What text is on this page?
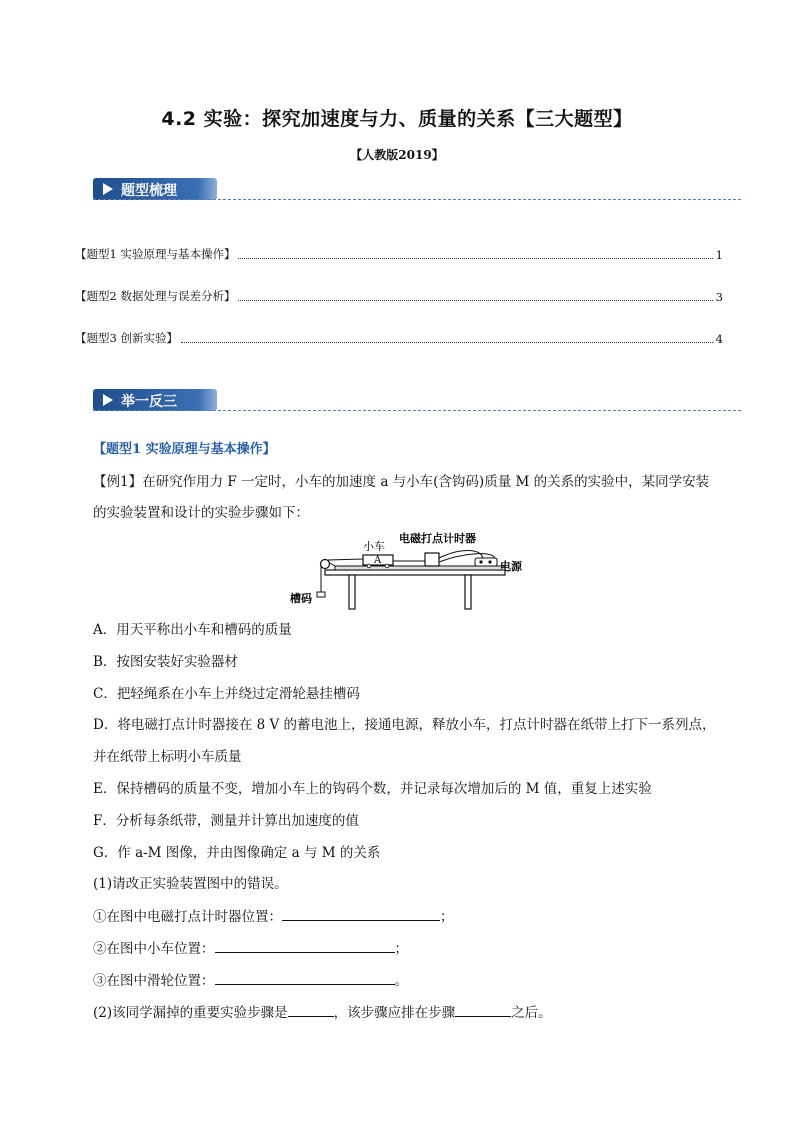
4.2 实验：探究加速度与力、质量的关系【三大题型】
【人教版2019】
题型梳理
【题型1 实验原理与基本操作】	1
【题型2 数据处理与误差分析】	3
【题型3 创新实验】	4
举一反三
【题型1 实验原理与基本操作】
【例1】在研究作用力 F 一定时，小车的加速度 a 与小车(含钩码)质量 M 的关系的实验中，某同学安装
的实验装置和设计的实验步骤如下：
A
小车
电磁打点计时器
电源
槽码
A．用天平称出小车和槽码的质量
B．按图安装好实验器材
C．把轻绳系在小车上并绕过定滑轮悬挂槽码
D．将电磁打点计时器接在 8 V 的蓄电池上，接通电源，释放小车，打点计时器在纸带上打下一系列点，
并在纸带上标明小车质量
E．保持槽码的质量不变，增加小车上的钩码个数，并记录每次增加后的 M 值，重复上述实验
F．分析每条纸带，测量并计算出加速度的值
G．作 a-M 图像，并由图像确定 a 与 M 的关系
(1)请改正实验装置图中的错误。
①在图中电磁打点计时器位置：	；
②在图中小车位置：	；
③在图中滑轮位置：	。
(2)该同学漏掉的重要实验步骤是	，该步骤应排在步骤	之后。
